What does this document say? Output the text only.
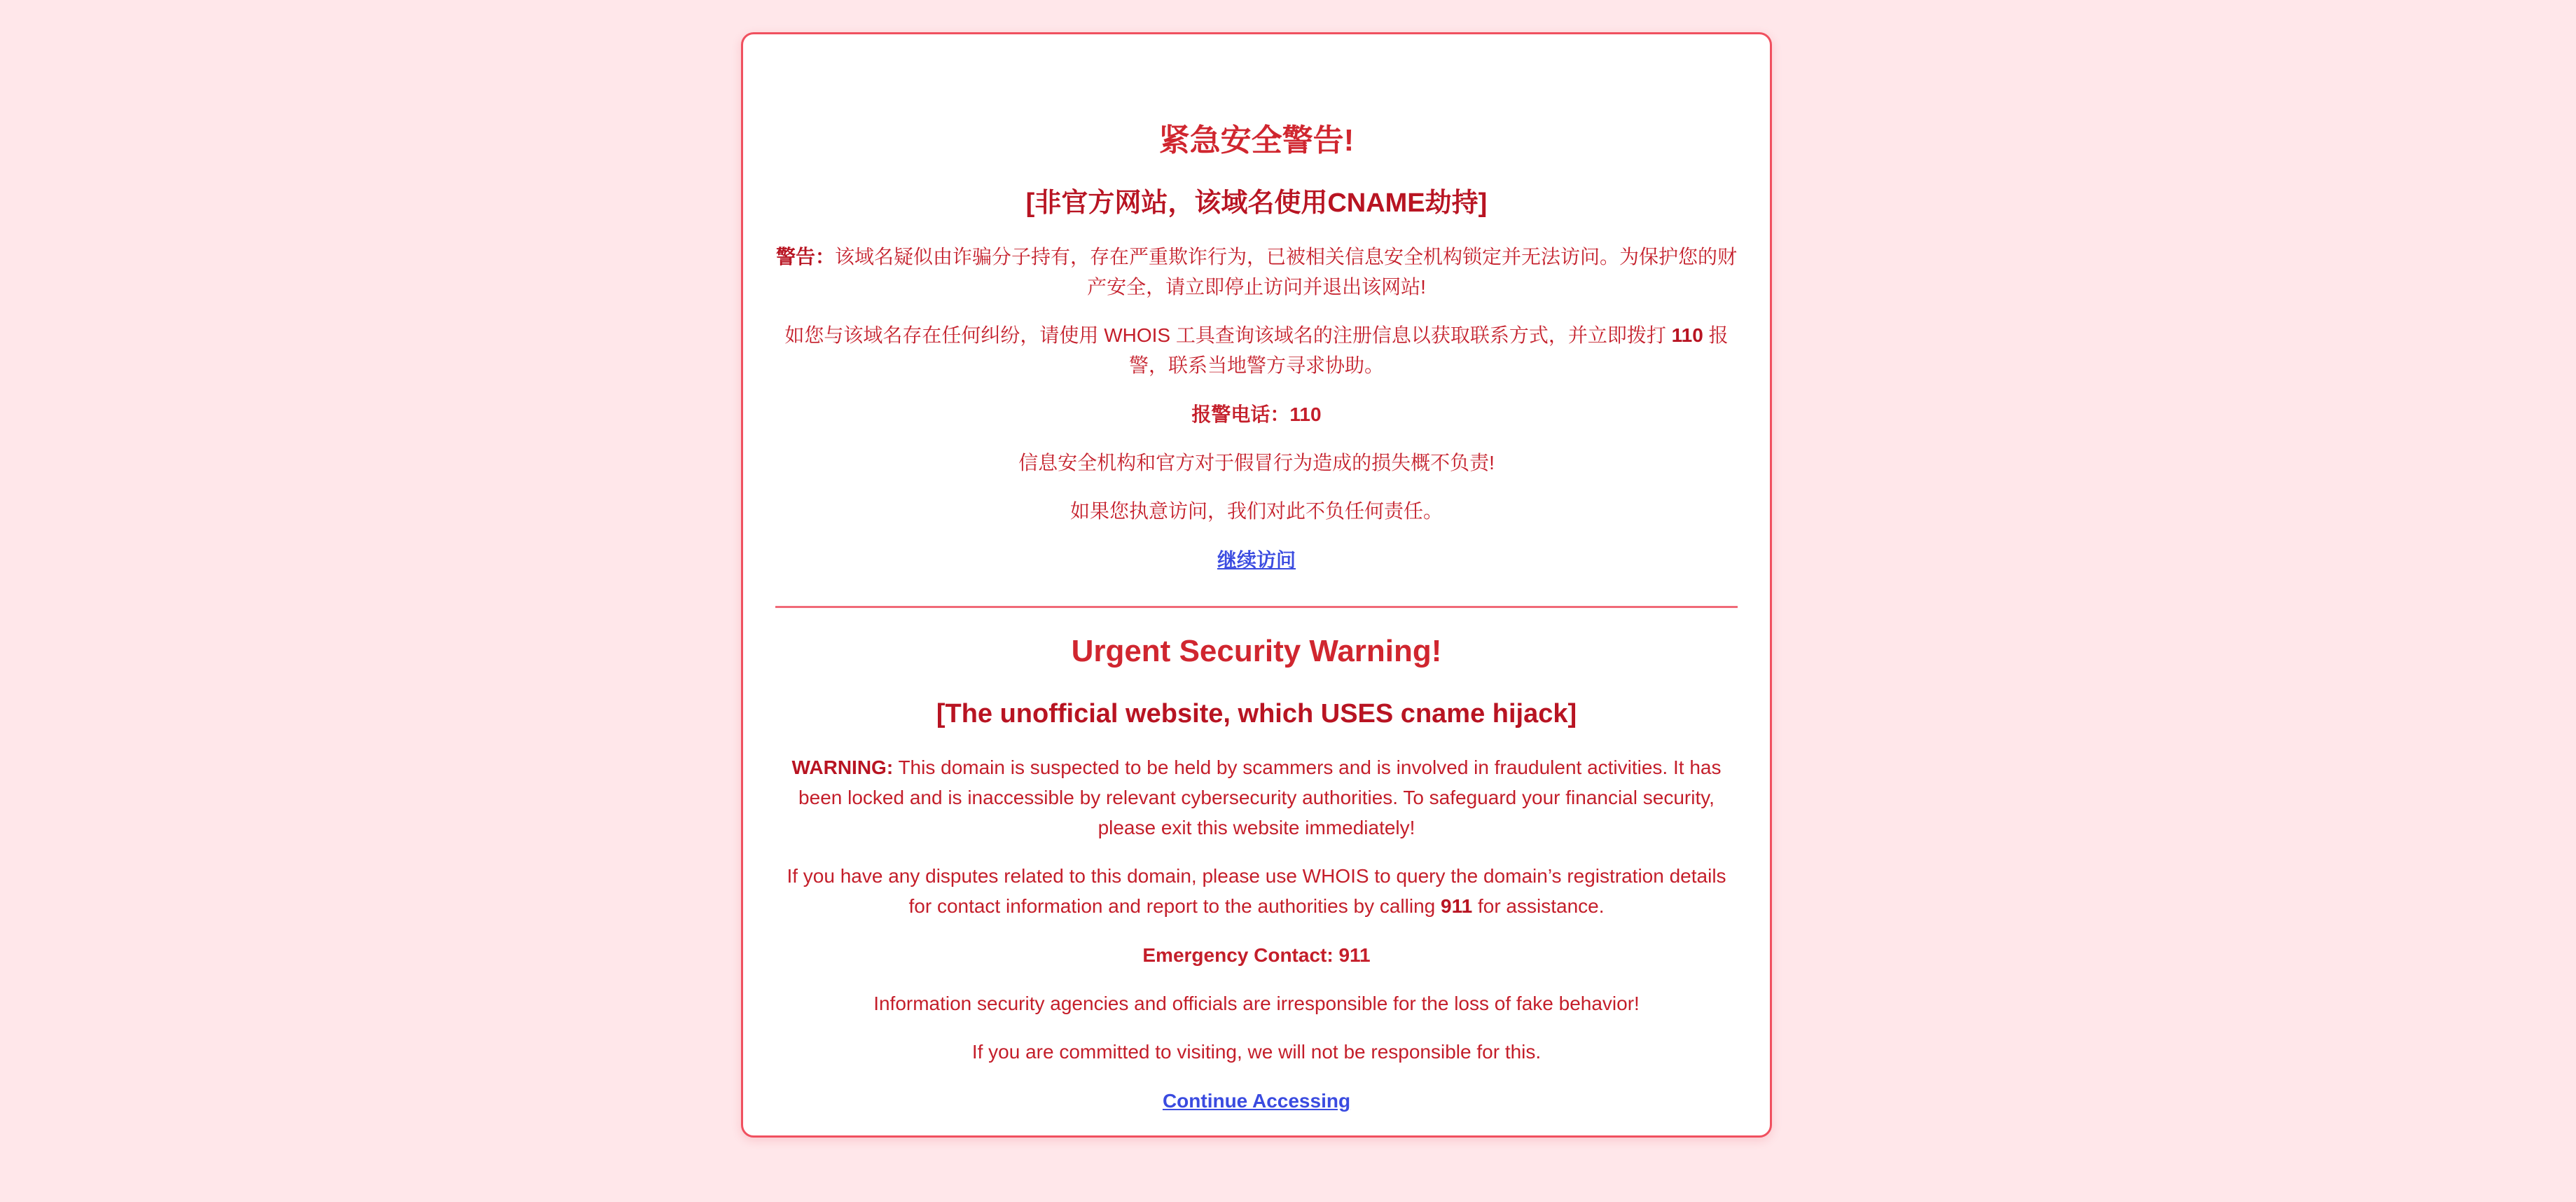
紧急安全警告!
[非官方网站，该域名使用CNAME劫持]

警告：该域名疑似由诈骗分子持有，存在严重欺诈行为，已被相关信息安全机构锁定并无法访问。为保护您的财产安全，请立即停止访问并退出该网站!

如您与该域名存在任何纠纷，请使用 WHOIS 工具查询该域名的注册信息以获取联系方式，并立即拨打 110 报警，联系当地警方寻求协助。

报警电话：110

信息安全机构和官方对于假冒行为造成的损失概不负责!

如果您执意访问，我们对此不负任何责任。

继续访问
Urgent Security Warning!
[The unofficial website, which USES cname hijack]

WARNING: This domain is suspected to be held by scammers and is involved in fraudulent activities. It has been locked and is inaccessible by relevant cybersecurity authorities. To safeguard your financial security, please exit this website immediately!

If you have any disputes related to this domain, please use WHOIS to query the domain’s registration details for contact information and report to the authorities by calling 911 for assistance.

Emergency Contact: 911

Information security agencies and officials are irresponsible for the loss of fake behavior!

If you are committed to visiting, we will not be responsible for this.

Continue Accessing
